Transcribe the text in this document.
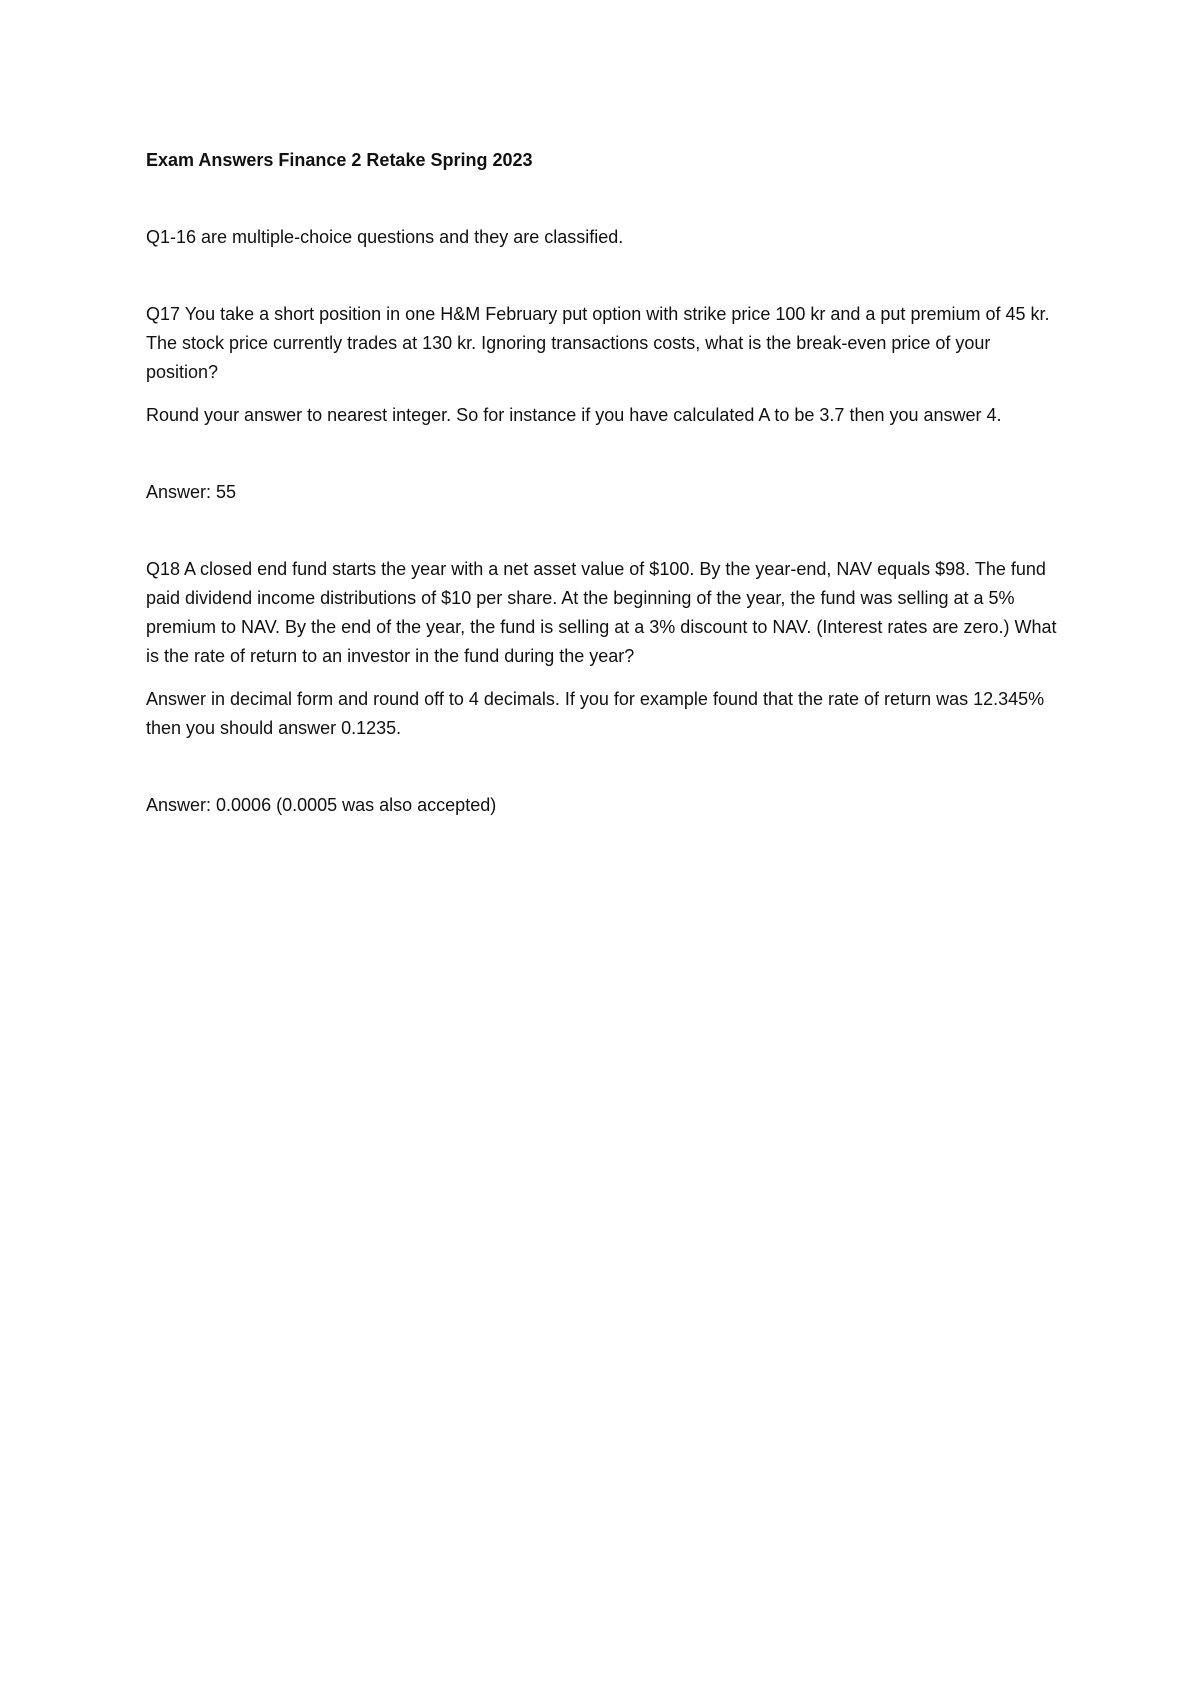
Exam Answers Finance 2 Retake Spring 2023

Q1-16 are multiple-choice questions and they are classified.

Q17 You take a short position in one H&M February put option with strike price 100 kr and a put premium of 45 kr. The stock price currently trades at 130 kr. Ignoring transactions costs, what is the break-even price of your position?

Round your answer to nearest integer. So for instance if you have calculated A to be 3.7 then you answer 4.

Answer: 55

Q18 A closed end fund starts the year with a net asset value of $100. By the year-end, NAV equals $98. The fund paid dividend income distributions of $10 per share. At the beginning of the year, the fund was selling at a 5% premium to NAV. By the end of the year, the fund is selling at a 3% discount to NAV. (Interest rates are zero.) What is the rate of return to an investor in the fund during the year?

Answer in decimal form and round off to 4 decimals. If you for example found that the rate of return was 12.345% then you should answer 0.1235.

Answer: 0.0006 (0.0005 was also accepted)
